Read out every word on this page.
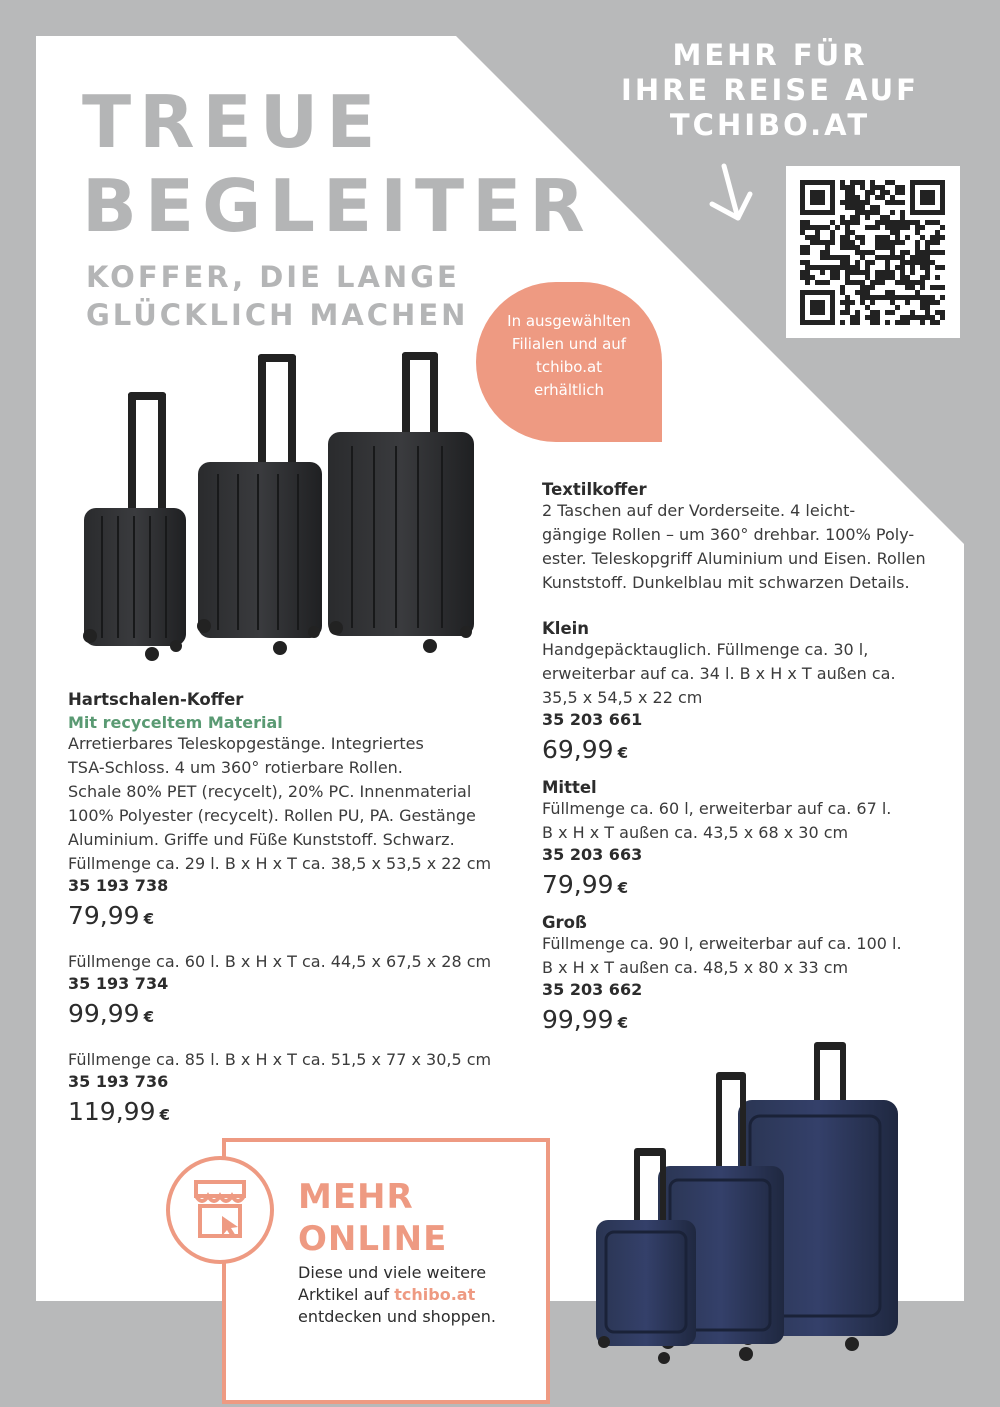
TREUE
BEGLEITER
KOFFER, DIE LANGE
GLÜCKLICH MACHEN
MEHR FÜR
IHRE REISE AUF
TCHIBO.AT
In ausgewählten
Filialen und auf
tchibo.at
erhältlich
Hartschalen-Koffer
Mit recyceltem Material
Arretierbares Teleskopgestänge. Integriertes
TSA-Schloss. 4 um 360° rotierbare Rollen.
Schale 80% PET (recycelt), 20% PC. Innenmaterial
100% Polyester (recycelt). Rollen PU, PA. Gestänge
Aluminium. Griffe und Füße Kunststoff. Schwarz.
Füllmenge ca. 29 l. B x H x T ca. 38,5 x 53,5 x 22 cm
35 193 738
79,99 €
Füllmenge ca. 60 l. B x H x T ca. 44,5 x 67,5 x 28 cm
35 193 734
99,99 €
Füllmenge ca. 85 l. B x H x T ca. 51,5 x 77 x 30,5 cm
35 193 736
119,99 €
Textilkoffer
2 Taschen auf der Vorderseite. 4 leicht-
gängige Rollen – um 360° drehbar. 100% Poly-
ester. Teleskopgriff Aluminium und Eisen. Rollen
Kunststoff. Dunkelblau mit schwarzen Details.
Klein
Handgepäcktauglich. Füllmenge ca. 30 l,
erweiterbar auf ca. 34 l. B x H x T außen ca.
35,5 x 54,5 x 22 cm
35 203 661
69,99 €
Mittel
Füllmenge ca. 60 l, erweiterbar auf ca. 67 l.
B x H x T außen ca. 43,5 x 68 x 30 cm
35 203 663
79,99 €
Groß
Füllmenge ca. 90 l, erweiterbar auf ca. 100 l.
B x H x T außen ca. 48,5 x 80 x 33 cm
35 203 662
99,99 €
MEHR
ONLINE
Diese und viele weitere
Arktikel auf tchibo.at
entdecken und shoppen.
